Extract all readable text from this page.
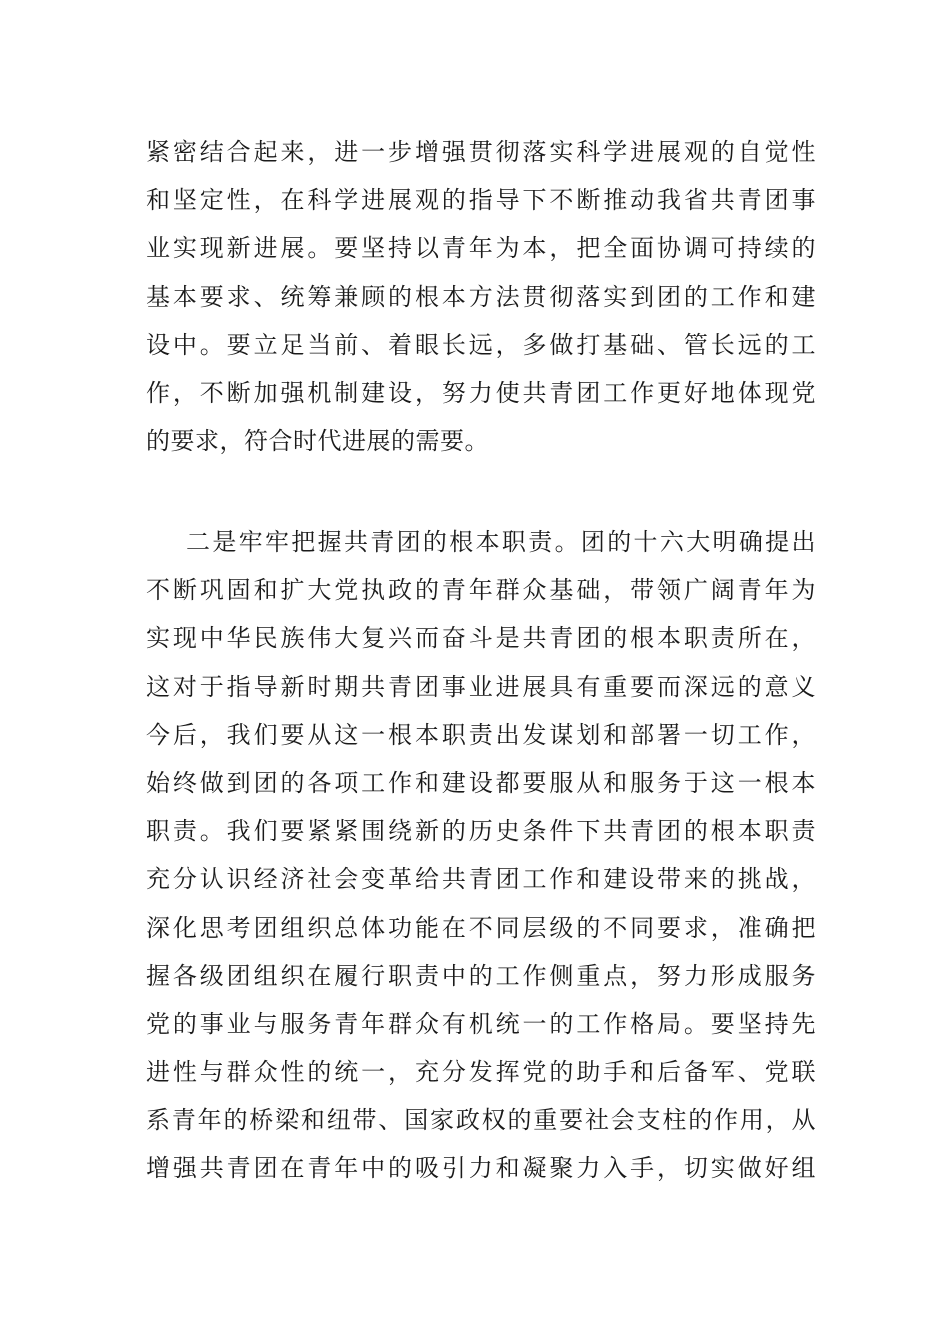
紧密结合起来，进一步增强贯彻落实科学进展观的自觉性
和坚定性，在科学进展观的指导下不断推动我省共青团事
业实现新进展。要坚持以青年为本，把全面协调可持续的
基本要求、统筹兼顾的根本方法贯彻落实到团的工作和建
设中。要立足当前、着眼长远，多做打基础、管长远的工
作，不断加强机制建设，努力使共青团工作更好地体现党
的要求，符合时代进展的需要。
二是牢牢把握共青团的根本职责。团的十六大明确提出
不断巩固和扩大党执政的青年群众基础，带领广阔青年为
实现中华民族伟大复兴而奋斗是共青团的根本职责所在，
这对于指导新时期共青团事业进展具有重要而深远的意义
今后，我们要从这一根本职责出发谋划和部署一切工作，
始终做到团的各项工作和建设都要服从和服务于这一根本
职责。我们要紧紧围绕新的历史条件下共青团的根本职责
充分认识经济社会变革给共青团工作和建设带来的挑战，
深化思考团组织总体功能在不同层级的不同要求，准确把
握各级团组织在履行职责中的工作侧重点，努力形成服务
党的事业与服务青年群众有机统一的工作格局。要坚持先
进性与群众性的统一，充分发挥党的助手和后备军、党联
系青年的桥梁和纽带、国家政权的重要社会支柱的作用，从
增强共青团在青年中的吸引力和凝聚力入手，切实做好组
